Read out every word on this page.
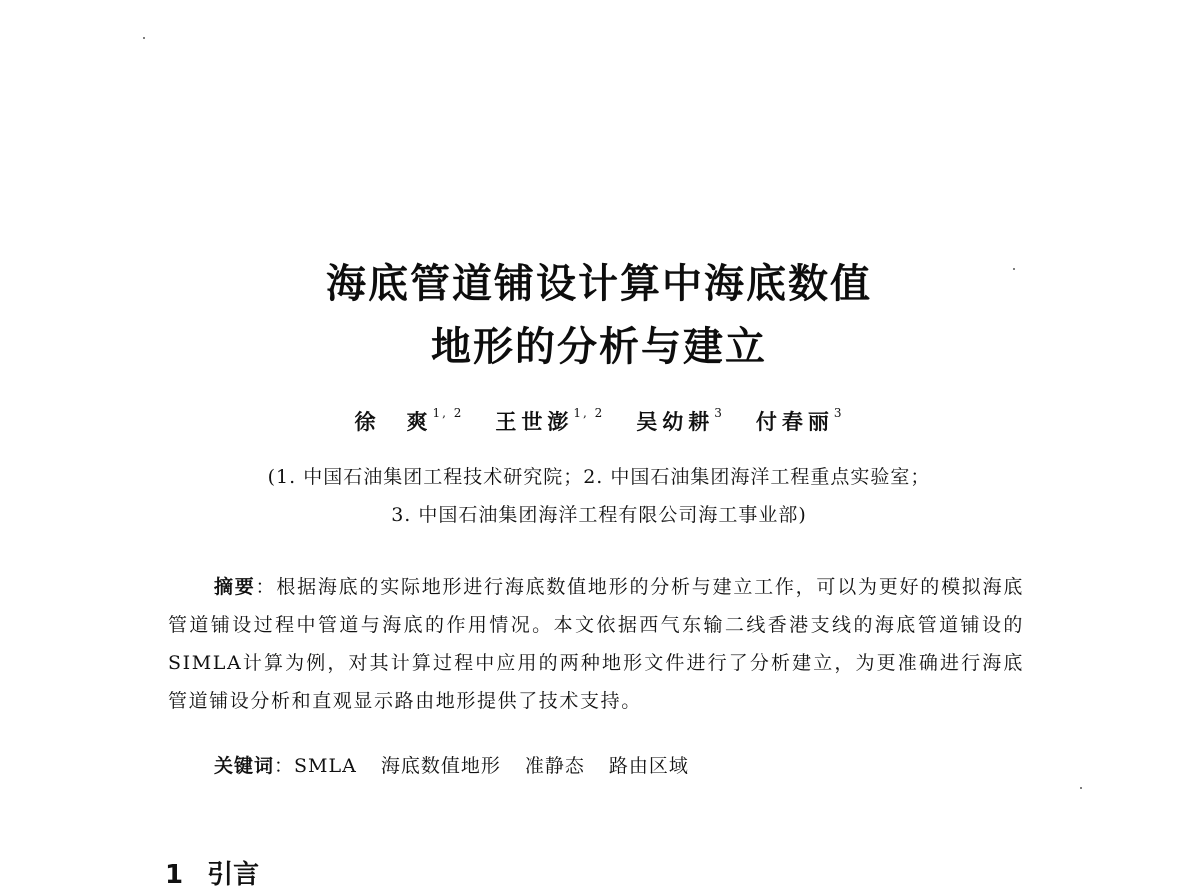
海底管道铺设计算中海底数值
地形的分析与建立
徐　爽$^{1, 2}$ 王世澎$^{1, 2}$ 吴幼耕$^3$ 付春丽$^3$
(1. 中国石油集团工程技术研究院；2. 中国石油集团海洋工程重点实验室；
3. 中国石油集团海洋工程有限公司海工事业部)
摘要：根据海底的实际地形进行海底数值地形的分析与建立工作，可以为更好的模拟海底管道铺设过程中管道与海底的作用情况。本文依据西气东输二线香港支线的海底管道铺设的SIMLA计算为例，对其计算过程中应用的两种地形文件进行了分析建立，为更准确进行海底管道铺设分析和直观显示路由地形提供了技术支持。
关键词：SMLA 海底数值地形 准静态 路由区域
1 引言
